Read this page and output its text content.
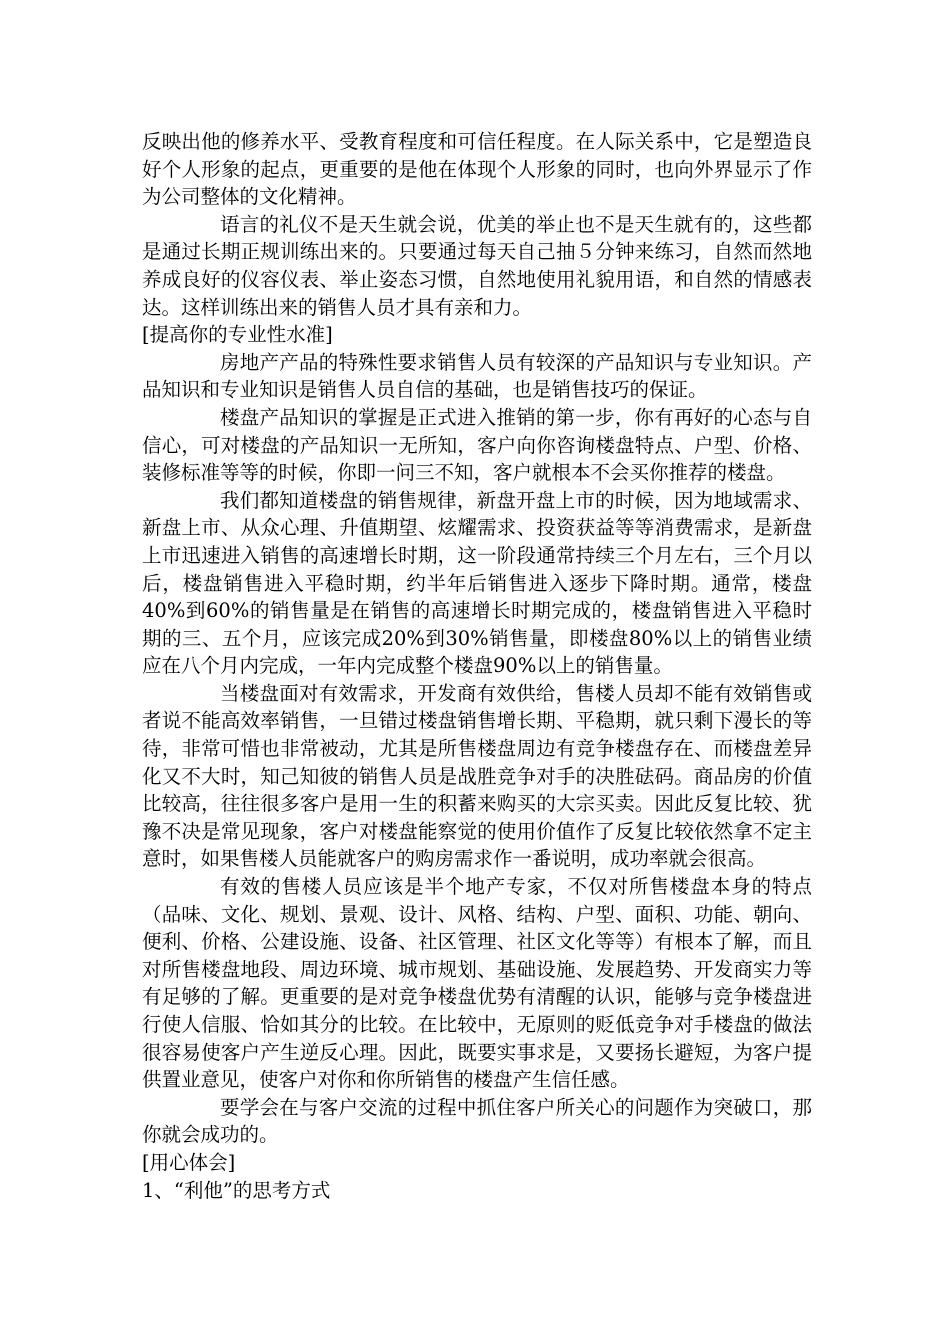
反映出他的修养水平、受教育程度和可信任程度。在人际关系中，它是塑造良好个人形象的起点，更重要的是他在体现个人形象的同时，也向外界显示了作为公司整体的文化精神。

语言的礼仪不是天生就会说，优美的举止也不是天生就有的，这些都是通过长期正规训练出来的。只要通过每天自己抽５分钟来练习，自然而然地养成良好的仪容仪表、举止姿态习惯，自然地使用礼貌用语，和自然的情感表达。这样训练出来的销售人员才具有亲和力。

[提高你的专业性水准]

房地产产品的特殊性要求销售人员有较深的产品知识与专业知识。产品知识和专业知识是销售人员自信的基础，也是销售技巧的保证。

楼盘产品知识的掌握是正式进入推销的第一步，你有再好的心态与自信心，可对楼盘的产品知识一无所知，客户向你咨询楼盘特点、户型、价格、装修标准等等的时候，你即一问三不知，客户就根本不会买你推荐的楼盘。

我们都知道楼盘的销售规律，新盘开盘上市的时候，因为地域需求、新盘上市、从众心理、升值期望、炫耀需求、投资获益等等消费需求，是新盘上市迅速进入销售的高速增长时期，这一阶段通常持续三个月左右，三个月以后，楼盘销售进入平稳时期，约半年后销售进入逐步下降时期。通常，楼盘40%到60%的销售量是在销售的高速增长时期完成的，楼盘销售进入平稳时期的三、五个月，应该完成20%到30%销售量，即楼盘80%以上的销售业绩应在八个月内完成，一年内完成整个楼盘90%以上的销售量。

当楼盘面对有效需求，开发商有效供给，售楼人员却不能有效销售或者说不能高效率销售，一旦错过楼盘销售增长期、平稳期，就只剩下漫长的等待，非常可惜也非常被动，尤其是所售楼盘周边有竞争楼盘存在、而楼盘差异化又不大时，知己知彼的销售人员是战胜竞争对手的决胜砝码。商品房的价值比较高，往往很多客户是用一生的积蓄来购买的大宗买卖。因此反复比较、犹豫不决是常见现象，客户对楼盘能察觉的使用价值作了反复比较依然拿不定主意时，如果售楼人员能就客户的购房需求作一番说明，成功率就会很高。

有效的售楼人员应该是半个地产专家，不仅对所售楼盘本身的特点（品味、文化、规划、景观、设计、风格、结构、户型、面积、功能、朝向、便利、价格、公建设施、设备、社区管理、社区文化等等）有根本了解，而且对所售楼盘地段、周边环境、城市规划、基础设施、发展趋势、开发商实力等有足够的了解。更重要的是对竞争楼盘优势有清醒的认识，能够与竞争楼盘进行使人信服、恰如其分的比较。在比较中，无原则的贬低竞争对手楼盘的做法很容易使客户产生逆反心理。因此，既要实事求是，又要扬长避短，为客户提供置业意见，使客户对你和你所销售的楼盘产生信任感。

要学会在与客户交流的过程中抓住客户所关心的问题作为突破口，那你就会成功的。

[用心体会]

1、“利他”的思考方式
